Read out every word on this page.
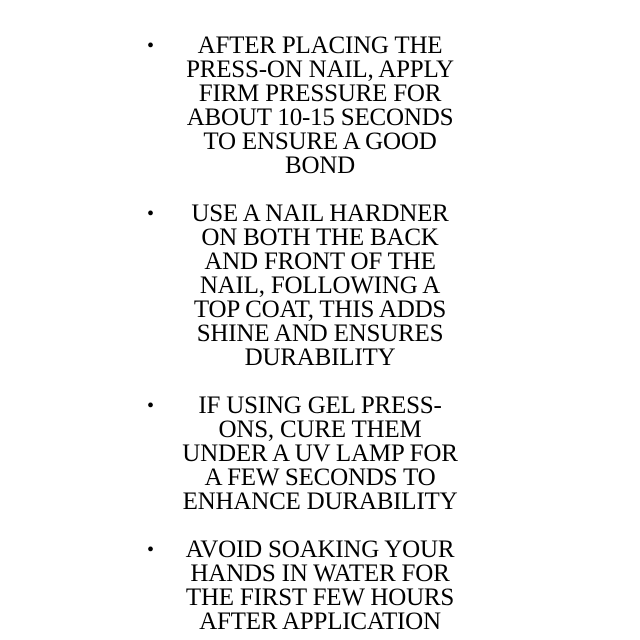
•	AFTER PLACING THE
PRESS-ON NAIL, APPLY
FIRM PRESSURE FOR
ABOUT 10-15 SECONDS
TO ENSURE A GOOD
BOND
•	USE A NAIL HARDNER
ON BOTH THE BACK
AND FRONT OF THE
NAIL, FOLLOWING A
TOP COAT, THIS ADDS
SHINE AND ENSURES
DURABILITY
•	IF USING GEL PRESS-
ONS, CURE THEM
UNDER A UV LAMP FOR
A FEW SECONDS TO
ENHANCE DURABILITY
•	AVOID SOAKING YOUR
HANDS IN WATER FOR
THE FIRST FEW HOURS
AFTER APPLICATION
